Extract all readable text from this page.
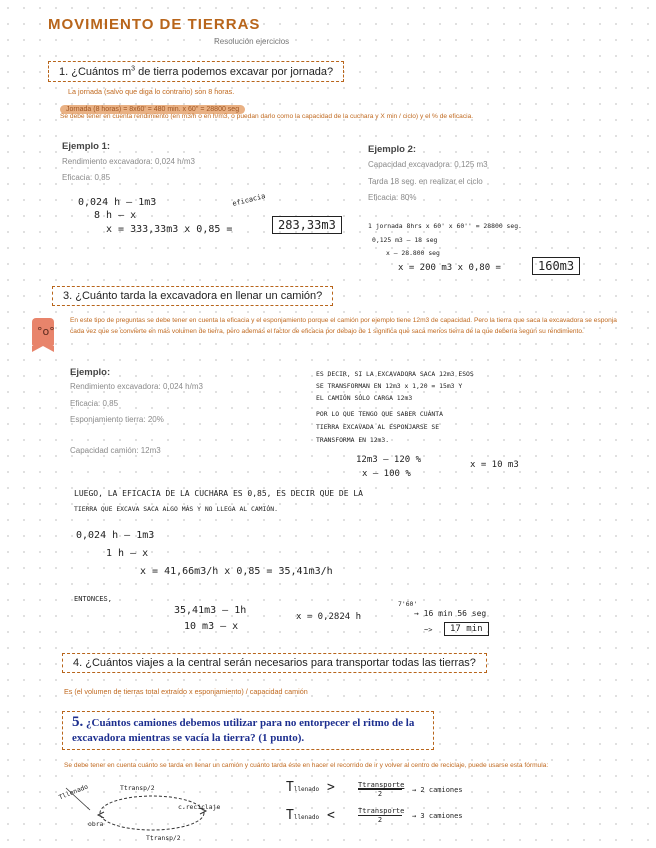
MOVIMIENTO DE TIERRAS
Resolución ejercicios
1. ¿Cuántos $m^3$ de tierra podemos excavar por jornada?
La jornada (salvo que diga lo contrario) son 8 horas.
Jornada (8 horas) = 8x60' = 480 min. x 60'' = 28800 seg
Se debe tener en cuenta rendimiento (en m3/h o en h/m3, o puedan darlo como la capacidad de la cuchara y X min / ciclo) y el % de eficacia.
Ejemplo 1:
Rendimiento excavadora: 0,024 h/m3
Eficacia: 0,85
0,024 h — 1m3
8 h — x
eficacia
x = 333,33m3 x 0,85 =	283,33m3
Ejemplo 2:
Capacidad excavadora: 0,125 m3
Tarda 18 seg. en realizar el ciclo
Eficacia: 80%
1 jornada 8hrs x 60' x 60'' = 28800 seg.
0,125 m3 — 18 seg
x — 28.800 seg
x = 200 m3 x 0,80 =	160m3
3. ¿Cuánto tarda la excavadora en llenar un camión?
°o°
En este tipo de preguntas se debe tener en cuenta la eficacia y el esponjamiento porque el camión por ejemplo tiene 12m3 de capacidad. Pero la tierra que saca la excavadora se esponja cada vez que se convierte en más volumen de tierra, pero además el factor de eficacia por debajo de 1 significa que saca menos tierra de la que debería según su rendimiento.
Ejemplo:
Rendimiento excavadora: 0,024 h/m3
Eficacia: 0,85
Esponjamiento tierra: 20%
Capacidad camión: 12m3
ES DECIR, SI LA EXCAVADORA SACA 12m3 ESOS
SE TRANSFORMAN EN 12m3 x 1,20 = 15m3 Y
EL CAMIÓN SÓLO CARGA 12m3
POR LO QUE TENGO QUE SABER CUÁNTA
TIERRA EXCAVADA AL ESPONJARSE SE
TRANSFORMA EN 12m3.
12m3 — 120 %
x — 100 %
x = 10 m3
LUEGO, LA EFICACIA DE LA CUCHARA ES 0,85, ES DECIR QUE DE LA
TIERRA QUE EXCAVA SACA ALGO MÁS Y NO LLEGA AL CAMIÓN.
0,024 h — 1m3
1 h — x
x = 41,66m3/h x 0,85 = 35,41m3/h
ENTONCES,
35,41m3 — 1h
10 m3 — x
x = 0,2824 h
7'60'
→ 16 min 56 seg
~>	17 min
4. ¿Cuántos viajes a la central serán necesarios para transportar todas las tierras?
Es (el volumen de tierras total extraído x esponjamiento) / capacidad camión
5. ¿Cuántos camiones debemos utilizar para no entorpecer el ritmo de la
excavadora mientras se vacía la tierra? (1 punto).
Se debe tener en cuenta cuánto se tarda en llenar un camión y cuánto tarda éste en hacer el recorrido de ir y volver al centro de reciclaje, puede usarse esta fórmula:
Tllenado	Ttransp/2
c.reciclaje
obra
Ttransp/2
Tllenado >	Ttransporte
2	→ 2 camiones
Tllenado <	Ttransporte
2	→ 3 camiones
